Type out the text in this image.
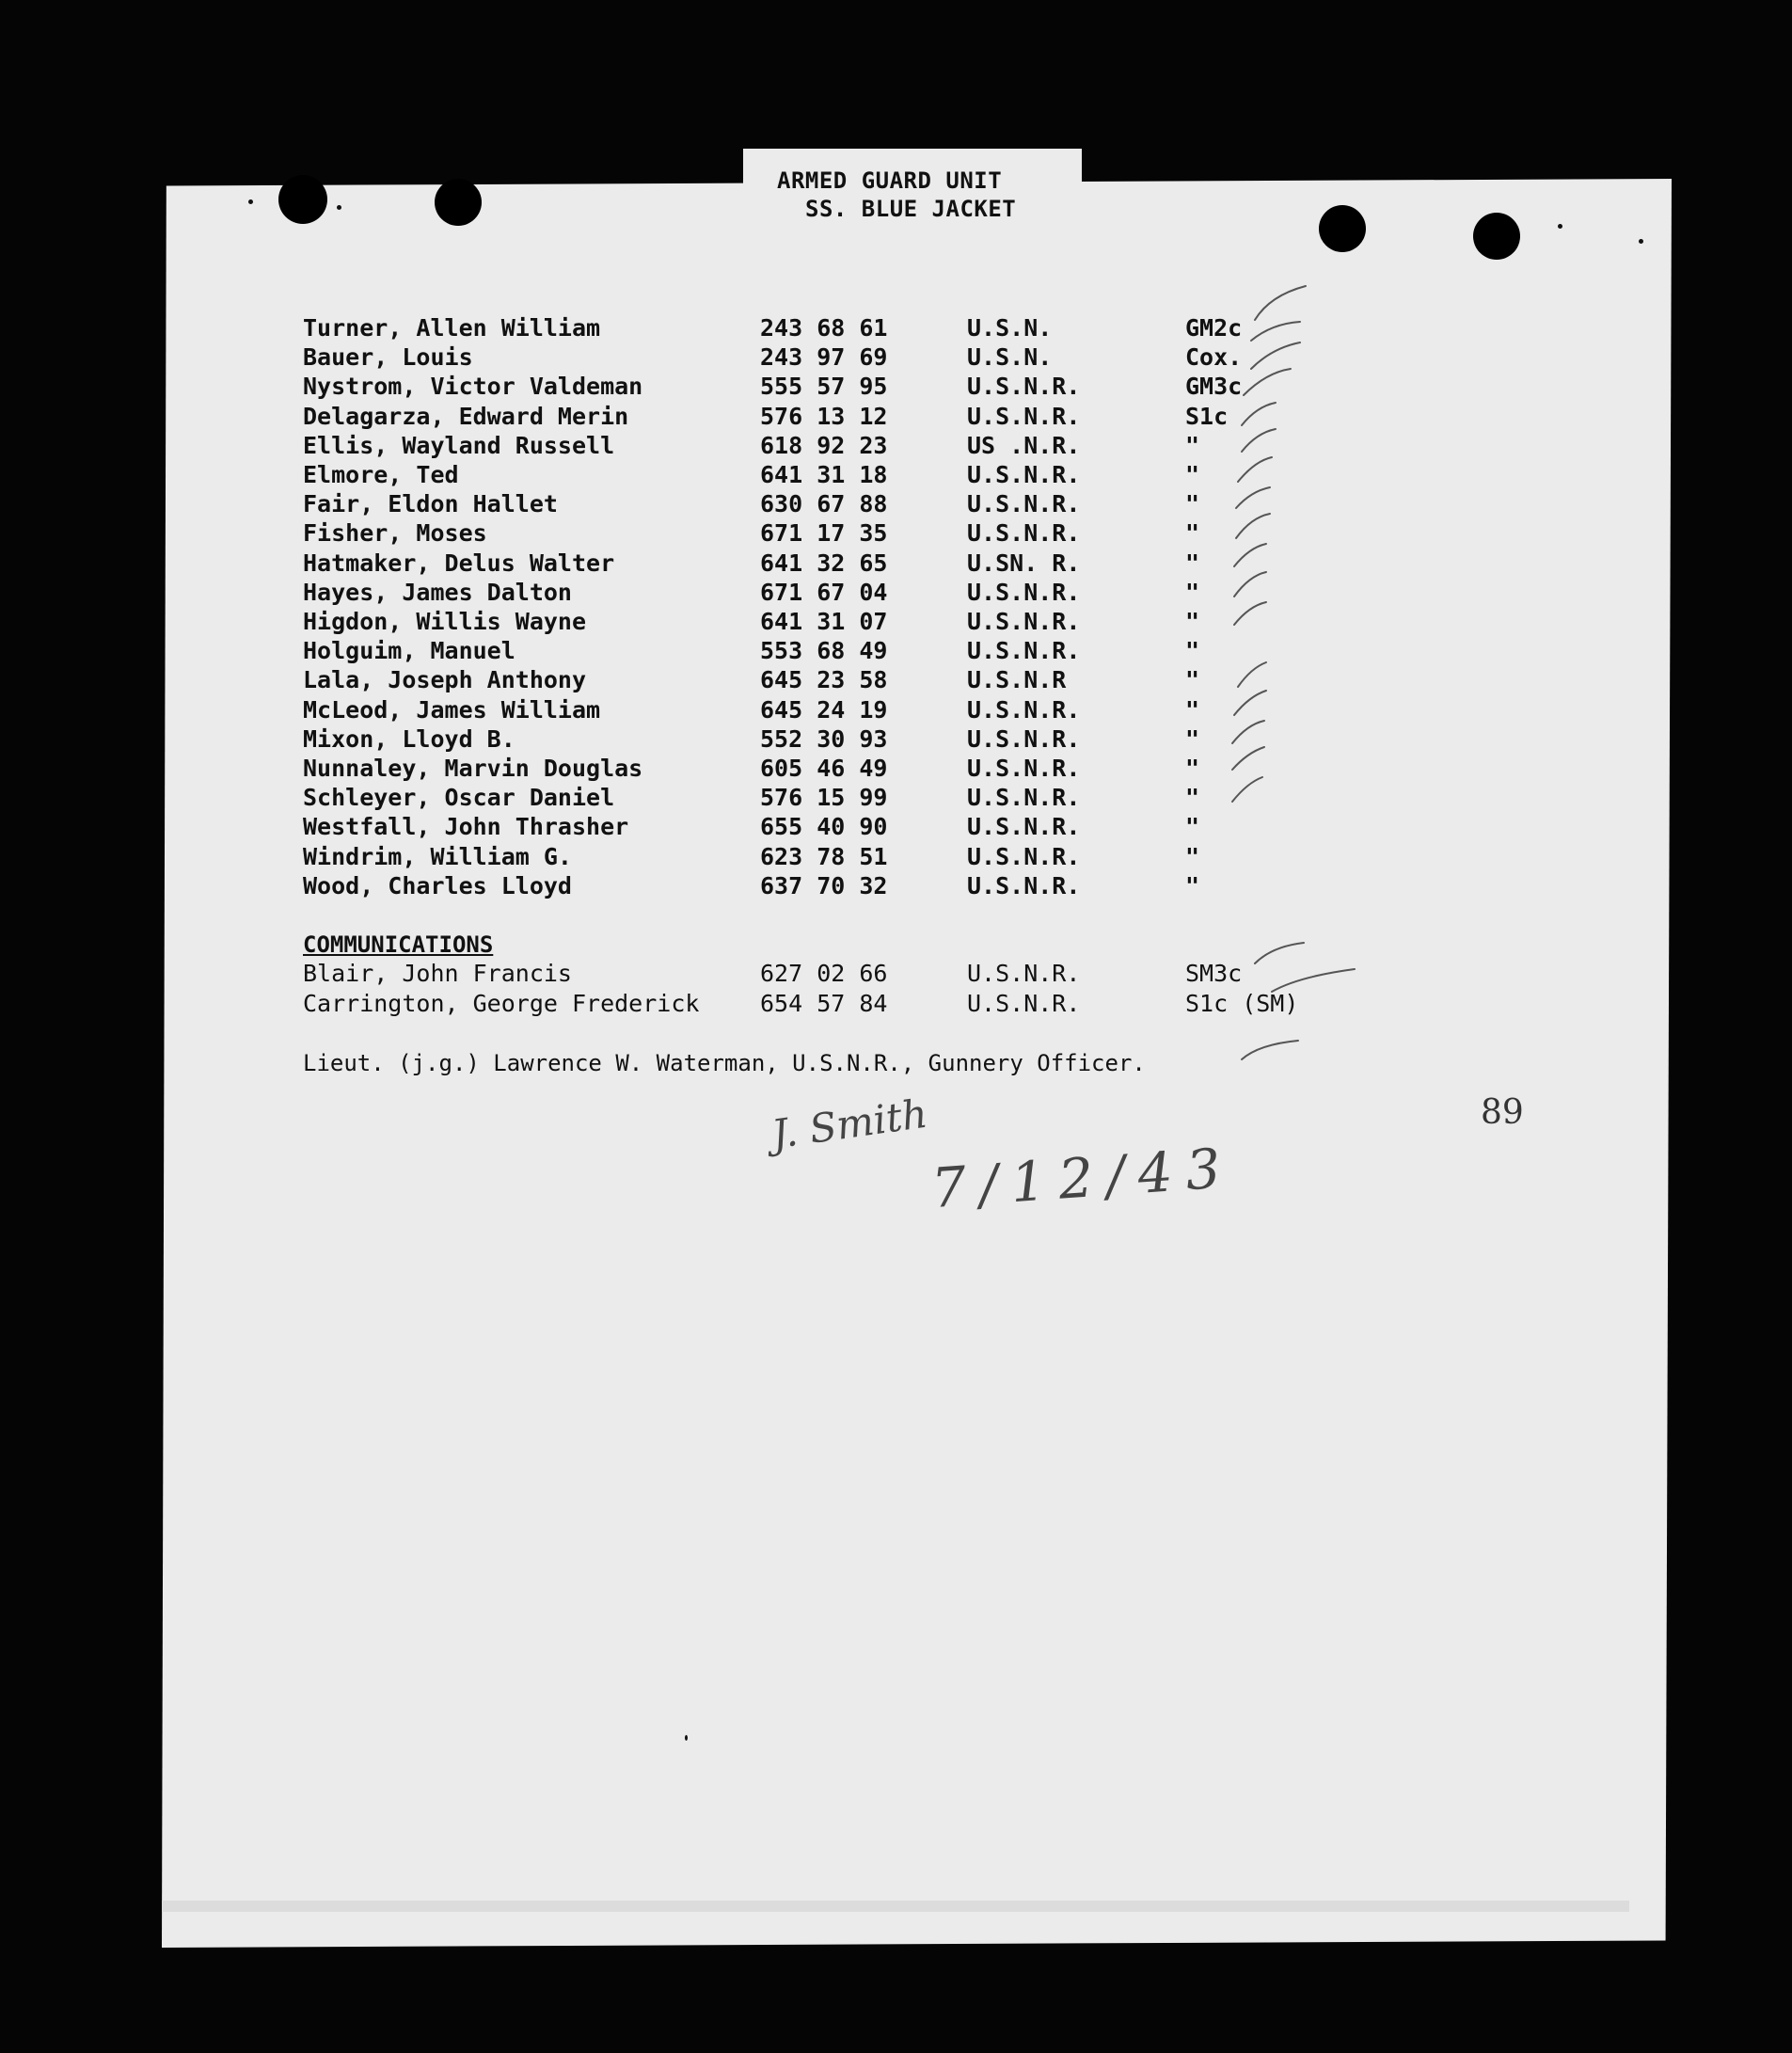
ARMED GUARD UNIT
SS. BLUE JACKET
Turner, Allen William	243 68 61	U.S.N.	GM2c
Bauer, Louis	243 97 69	U.S.N.	Cox.
Nystrom, Victor Valdeman	555 57 95	U.S.N.R.	GM3c
Delagarza, Edward Merin	576 13 12	U.S.N.R.	S1c
Ellis, Wayland Russell	618 92 23	US .N.R.	"
Elmore, Ted	641 31 18	U.S.N.R.	"
Fair, Eldon Hallet	630 67 88	U.S.N.R.	"
Fisher, Moses	671 17 35	U.S.N.R.	"
Hatmaker, Delus Walter	641 32 65	U.SN. R.	"
Hayes, James Dalton	671 67 04	U.S.N.R.	"
Higdon, Willis Wayne	641 31 07	U.S.N.R.	"
Holguim, Manuel	553 68 49	U.S.N.R.	"
Lala, Joseph Anthony	645 23 58	U.S.N.R	"
McLeod, James William	645 24 19	U.S.N.R.	"
Mixon, Lloyd B.	552 30 93	U.S.N.R.	"
Nunnaley, Marvin Douglas	605 46 49	U.S.N.R.	"
Schleyer, Oscar Daniel	576 15 99	U.S.N.R.	"
Westfall, John Thrasher	655 40 90	U.S.N.R.	"
Windrim, William G.	623 78 51	U.S.N.R.	"
Wood, Charles Lloyd	637 70 32	U.S.N.R.	"
COMMUNICATIONS
Blair, John Francis	627 02 66	U.S.N.R.	SM3c
Carrington, George Frederick	654 57 84	U.S.N.R.	S1c (SM)
Lieut. (j.g.) Lawrence W. Waterman, U.S.N.R., Gunnery Officer.
89
J. Smith
7/12/43
